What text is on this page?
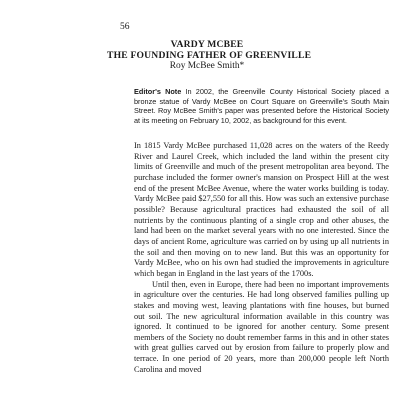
56
VARDY MCBEE
THE FOUNDING FATHER OF GREENVILLE
Roy McBee Smith*
Editor's Note In 2002, the Greenville County Historical Society placed a bronze statue of Vardy McBee on Court Square on Greenville's South Main Street. Roy McBee Smith's paper was presented before the Historical Society at its meeting on February 10, 2002, as background for this event.

In 1815 Vardy McBee purchased 11,028 acres on the waters of the Reedy River and Laurel Creek, which included the land within the present city limits of Greenville and much of the present metropolitan area beyond. The purchase included the former owner's mansion on Prospect Hill at the west end of the present McBee Avenue, where the water works building is today. Vardy McBee paid $27,550 for all this. How was such an extensive purchase possible? Because agricultural practices had exhausted the soil of all nutrients by the continuous planting of a single crop and other abuses, the land had been on the market several years with no one interested. Since the days of ancient Rome, agriculture was carried on by using up all nutrients in the soil and then moving on to new land. But this was an opportunity for Vardy McBee, who on his own had studied the improvements in agriculture which began in England in the last years of the 1700s.

Until then, even in Europe, there had been no important improvements in agriculture over the centuries. He had long observed families pulling up stakes and moving west, leaving plantations with fine houses, but burned out soil. The new agricultural information available in this country was ignored. It continued to be ignored for another century. Some present members of the Society no doubt remember farms in this and in other states with great gullies carved out by erosion from failure to properly plow and terrace. In one period of 20 years, more than 200,000 people left North Carolina and moved
